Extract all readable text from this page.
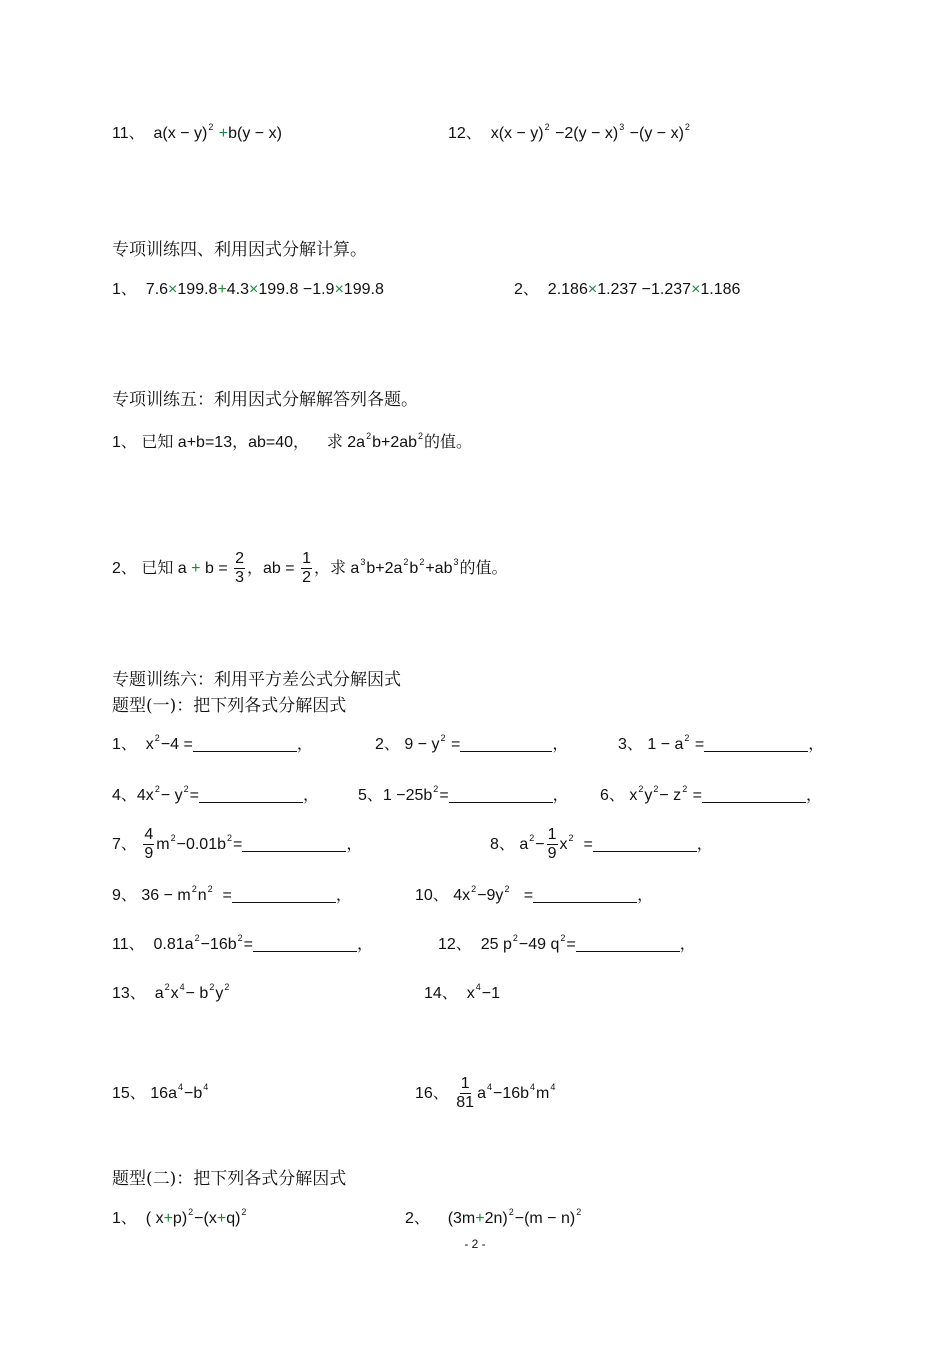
11、 $a(x - y)^2 +b(y - x)$	12、 $x(x - y)^2 -2(y - x)^3 -(y - x)^2$
专项训练四、利用因式分解计算。
1、 7.6×199.8+4.3×199.8 −1.9×199.8	2、 2.186×1.237 −1.237×1.186
专项训练五：利用因式分解解答列各题。
1、 已知 a+b=13，ab=40， 求 $2a^2b+2ab^2$的值。
2、 已知 $a + b = \frac{2}{3}$ ，ab = $\frac{1}{2}$ ，求 $a^3b+2a^2b^2+ab^3$的值。
专题训练六：利用平方差公式分解因式
题型(一)：把下列各式分解因式
1、 $x^2-4$ =	，	2、 $9 - y^2$ =	，	3、 $1 - a^2$ =	，
4、$4x^2- y^2=$	， 5、$1 -25b^2=$	， 6、 $x^2y^2- z^2$ =	，
7、 $\frac{4}{9} m^2-0.01b^2=$	，	8、 $a^2- \frac{1}{9} x^2$ =	，
9、 $36 - m^2n^2$ =	，	10、 $4x^2-9y^2$ =	，
11、 $0.81a^2-16b^2=$	，	12、 25 $p^2-49$ $q^2=$	，
13、 $a^2x^4- b^2y^2$	14、 $x^4-1$
15、 $16a^4-b^4$	16、 $\frac{1}{81} a^4-16b^4m^4$
题型(二)：把下列各式分解因式
1、 ( $x+p)^2-(x+q)^2$	2、 $(3m+2n)^2-(m - n)^2$
- 2 -
